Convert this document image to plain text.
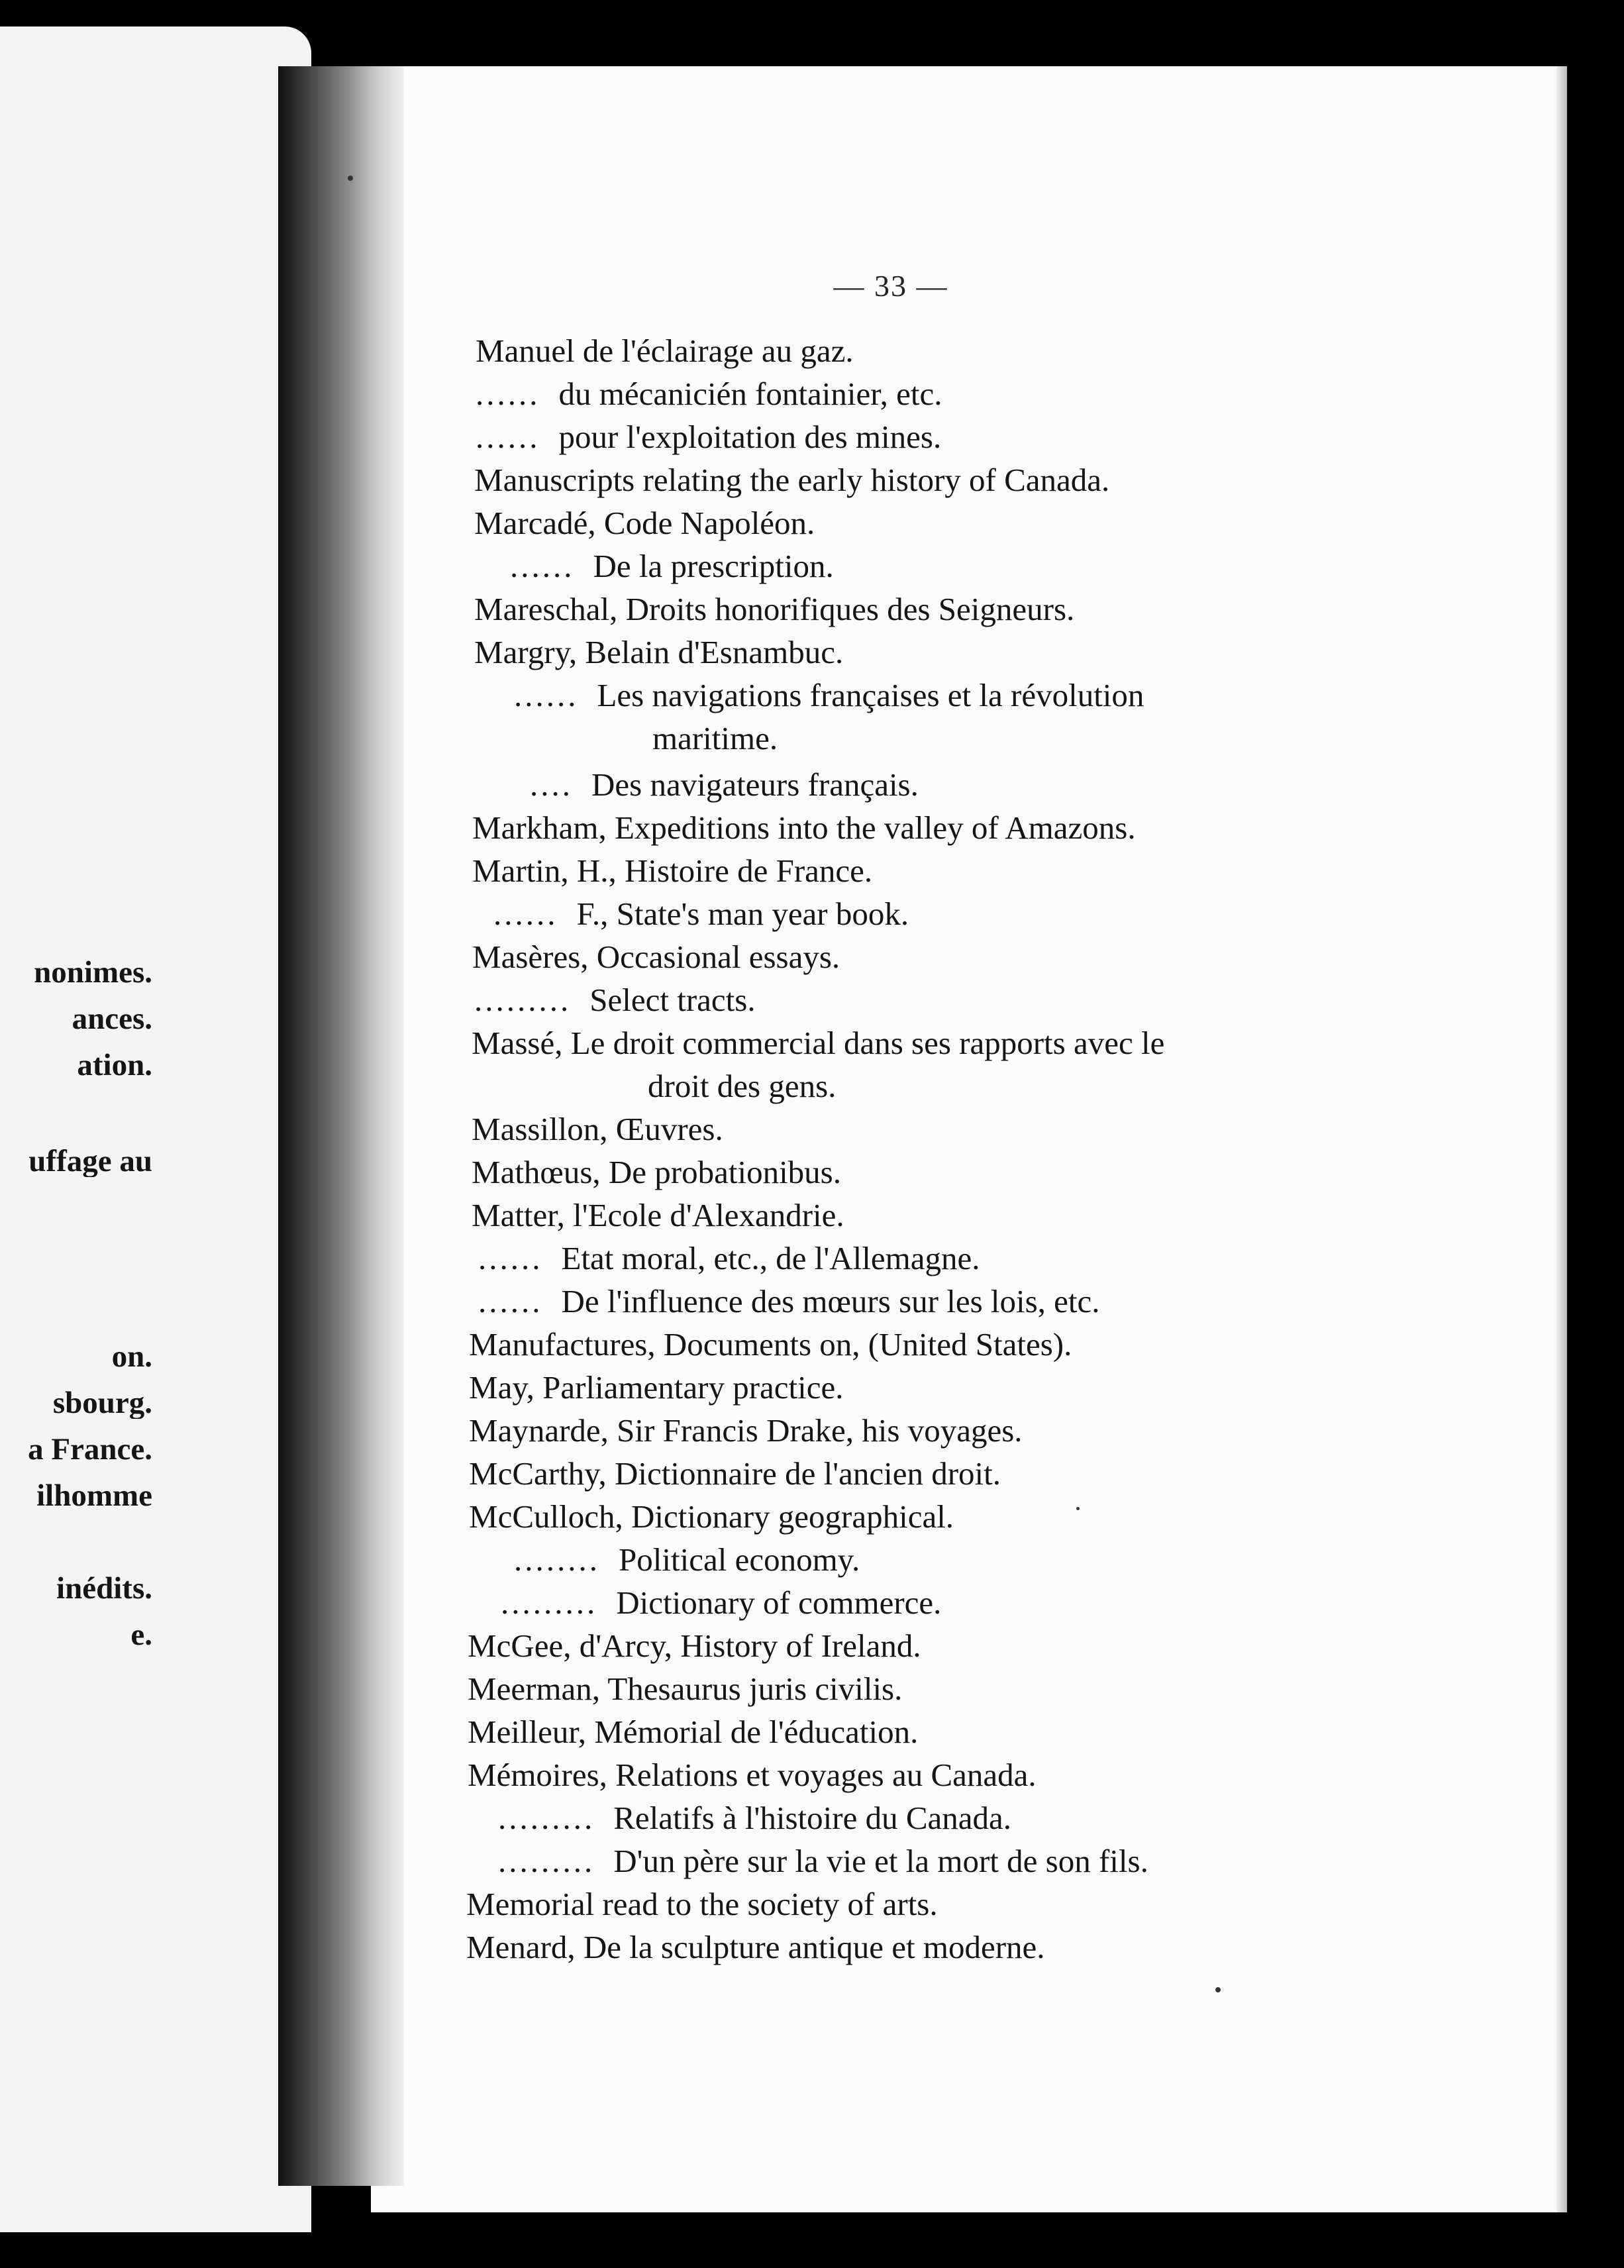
nonimes.
ances.
ation.
uffage au
on.
sbourg.
a France.
ilhomme
inédits.
e.
— 33 —
Manuel de l'éclairage au gaz.
...... du mécanicién fontainier, etc.
...... pour l'exploitation des mines.
Manuscripts relating the early history of Canada.
Marcadé, Code Napoléon.
...... De la prescription.
Mareschal, Droits honorifiques des Seigneurs.
Margry, Belain d'Esnambuc.
...... Les navigations françaises et la révolution
maritime.
.... Des navigateurs français.
Markham, Expeditions into the valley of Amazons.
Martin, H., Histoire de France.
...... F., State's man year book.
Masères, Occasional essays.
......... Select tracts.
Massé, Le droit commercial dans ses rapports avec le
droit des gens.
Massillon, Œuvres.
Mathœus, De probationibus.
Matter, l'Ecole d'Alexandrie.
...... Etat moral, etc., de l'Allemagne.
...... De l'influence des mœurs sur les lois, etc.
Manufactures, Documents on, (United States).
May, Parliamentary practice.
Maynarde, Sir Francis Drake, his voyages.
McCarthy, Dictionnaire de l'ancien droit.
McCulloch, Dictionary geographical.
........ Political economy.
......... Dictionary of commerce.
McGee, d'Arcy, History of Ireland.
Meerman, Thesaurus juris civilis.
Meilleur, Mémorial de l'éducation.
Mémoires, Relations et voyages au Canada.
......... Relatifs à l'histoire du Canada.
......... D'un père sur la vie et la mort de son fils.
Memorial read to the society of arts.
Menard, De la sculpture antique et moderne.
